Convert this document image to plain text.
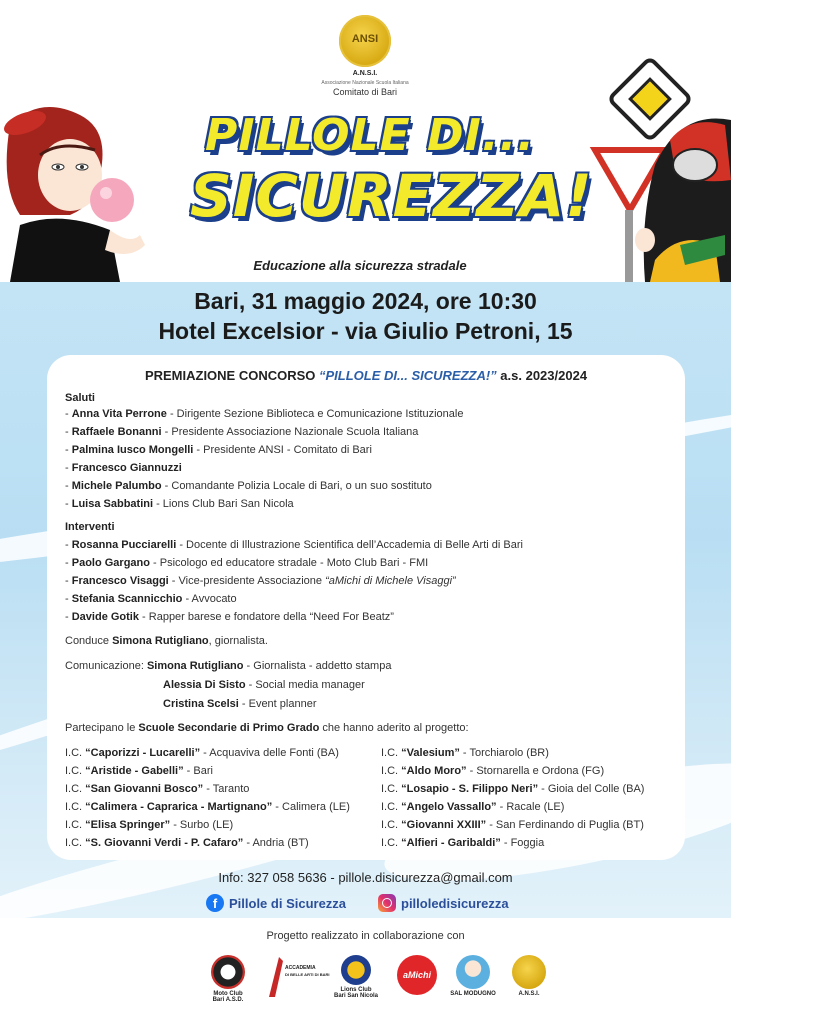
ANSI
A.N.S.I.
Associazione Nazionale Scuola Italiana
Comitato di Bari
PILLOLE DI...
SICUREZZA!
Educazione alla sicurezza stradale
Bari, 31 maggio 2024, ore 10:30
Hotel Excelsior - via Giulio Petroni, 15
PREMIAZIONE CONCORSO “PILLOLE DI... SICUREZZA!” a.s. 2023/2024
Saluti
- Anna Vita Perrone - Dirigente Sezione Biblioteca e Comunicazione Istituzionale
- Raffaele Bonanni - Presidente Associazione Nazionale Scuola Italiana
- Palmina Iusco Mongelli - Presidente ANSI - Comitato di Bari
- Francesco Giannuzzi
- Michele Palumbo - Comandante Polizia Locale di Bari, o un suo sostituto
- Luisa Sabbatini - Lions Club Bari San Nicola
Interventi
- Rosanna Pucciarelli - Docente di Illustrazione Scientifica dell’Accademia di Belle Arti di Bari
- Paolo Gargano - Psicologo ed educatore stradale - Moto Club Bari - FMI
- Francesco Visaggi - Vice-presidente Associazione “aMichi di Michele Visaggi”
- Stefania Scannicchio - Avvocato
- Davide Gotik - Rapper barese e fondatore della “Need For Beatz”
Conduce Simona Rutigliano, giornalista.
Comunicazione: Simona Rutigliano - Giornalista - addetto stampa
Alessia Di Sisto - Social media manager
Cristina Scelsi - Event planner
Partecipano le Scuole Secondarie di Primo Grado che hanno aderito al progetto:
I.C. “Caporizzi - Lucarelli” - Acquaviva delle Fonti (BA)
I.C. “Aristide - Gabelli” - Bari
I.C. “San Giovanni Bosco” - Taranto
I.C. “Calimera - Caprarica - Martignano” - Calimera (LE)
I.C. “Elisa Springer” - Surbo (LE)
I.C. “S. Giovanni Verdi - P. Cafaro” - Andria (BT)
I.C. “Valesium” - Torchiarolo (BR)
I.C. “Aldo Moro” - Stornarella e Ordona (FG)
I.C. “Losapio - S. Filippo Neri” - Gioia del Colle (BA)
I.C. “Angelo Vassallo” - Racale (LE)
I.C. “Giovanni XXIII” - San Ferdinando di Puglia (BT)
I.C. “Alfieri - Garibaldi” - Foggia
Info: 327 058 5636 - pillole.disicurezza@gmail.com
f Pillole di Sicurezza	pilloledisicurezza
Progetto realizzato in collaborazione con
Moto Club
Bari A.S.D.
ACCADEMIA
DI BELLE ARTI DI BARI
Lions Club
Bari San Nicola
aMichi
SAL MODUGNO	A.N.S.I.
